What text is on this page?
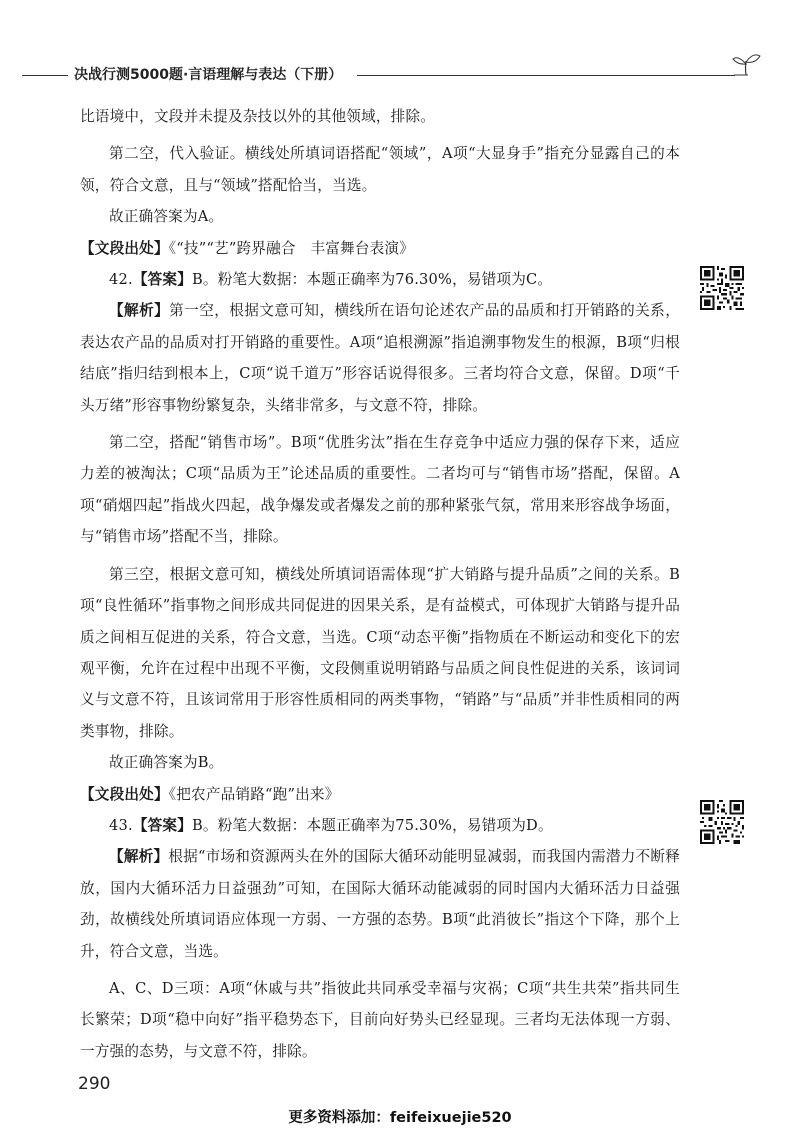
决战行测5000题·言语理解与表达（下册）

比语境中，文段并未提及杂技以外的其他领域，排除。

第二空，代入验证。横线处所填词语搭配“领域”，A项“大显身手”指充分显露自己的本领，符合文意，且与“领域”搭配恰当，当选。

故正确答案为A。

【文段出处】《“技”“艺”跨界融合　丰富舞台表演》

42.【答案】B。粉笔大数据：本题正确率为76.30%，易错项为C。

【解析】第一空，根据文意可知，横线所在语句论述农产品的品质和打开销路的关系，表达农产品的品质对打开销路的重要性。A项“追根溯源”指追溯事物发生的根源，B项“归根结底”指归结到根本上，C项“说千道万”形容话说得很多。三者均符合文意，保留。D项“千头万绪”形容事物纷繁复杂，头绪非常多，与文意不符，排除。

第二空，搭配“销售市场”。B项“优胜劣汰”指在生存竞争中适应力强的保存下来，适应力差的被淘汰；C项“品质为王”论述品质的重要性。二者均可与“销售市场”搭配，保留。A项“硝烟四起”指战火四起，战争爆发或者爆发之前的那种紧张气氛，常用来形容战争场面，与“销售市场”搭配不当，排除。

第三空，根据文意可知，横线处所填词语需体现“扩大销路与提升品质”之间的关系。B项“良性循环”指事物之间形成共同促进的因果关系，是有益模式，可体现扩大销路与提升品质之间相互促进的关系，符合文意，当选。C项“动态平衡”指物质在不断运动和变化下的宏观平衡，允许在过程中出现不平衡，文段侧重说明销路与品质之间良性促进的关系，该词词义与文意不符，且该词常用于形容性质相同的两类事物，“销路”与“品质”并非性质相同的两类事物，排除。

故正确答案为B。

【文段出处】《把农产品销路“跑”出来》

43.【答案】B。粉笔大数据：本题正确率为75.30%，易错项为D。

【解析】根据“市场和资源两头在外的国际大循环动能明显减弱，而我国内需潜力不断释放，国内大循环活力日益强劲”可知，在国际大循环动能减弱的同时国内大循环活力日益强劲，故横线处所填词语应体现一方弱、一方强的态势。B项“此消彼长”指这个下降，那个上升，符合文意，当选。

A、C、D三项：A项“休戚与共”指彼此共同承受幸福与灾祸；C项“共生共荣”指共同生长繁荣；D项“稳中向好”指平稳势态下，目前向好势头已经显现。三者均无法体现一方弱、一方强的态势，与文意不符，排除。

290
更多资料添加：feifeixuejie520
